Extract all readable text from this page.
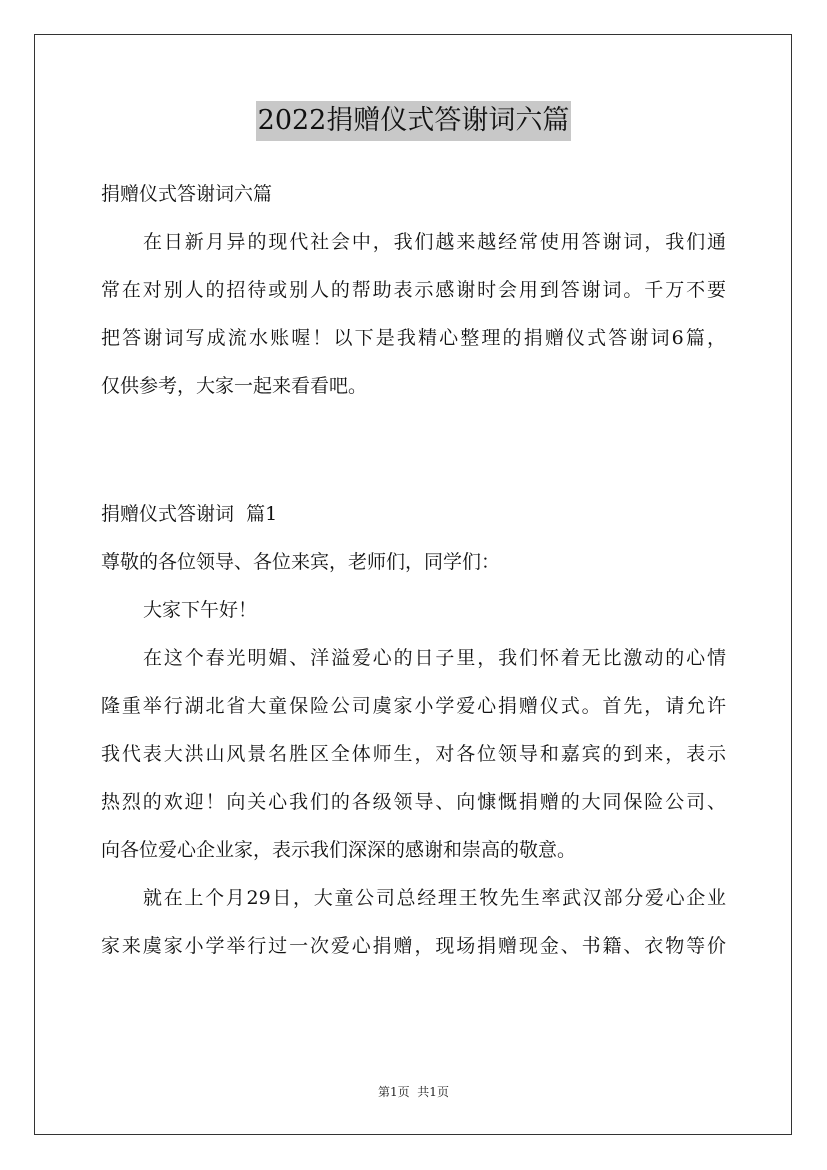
2022捐赠仪式答谢词六篇
捐赠仪式答谢词六篇
在日新月异的现代社会中，我们越来越经常使用答谢词，我们通
常在对别人的招待或别人的帮助表示感谢时会用到答谢词。千万不要
把答谢词写成流水账喔！以下是我精心整理的捐赠仪式答谢词6篇，
仅供参考，大家一起来看看吧。
捐赠仪式答谢词  篇1
尊敬的各位领导、各位来宾，老师们，同学们：
大家下午好！
在这个春光明媚、洋溢爱心的日子里，我们怀着无比激动的心情
隆重举行湖北省大童保险公司虞家小学爱心捐赠仪式。首先，请允许
我代表大洪山风景名胜区全体师生，对各位领导和嘉宾的到来，表示
热烈的欢迎！向关心我们的各级领导、向慷慨捐赠的大同保险公司、
向各位爱心企业家，表示我们深深的感谢和崇高的敬意。
就在上个月29日，大童公司总经理王牧先生率武汉部分爱心企业
家来虞家小学举行过一次爱心捐赠，现场捐赠现金、书籍、衣物等价
第1页  共1页
